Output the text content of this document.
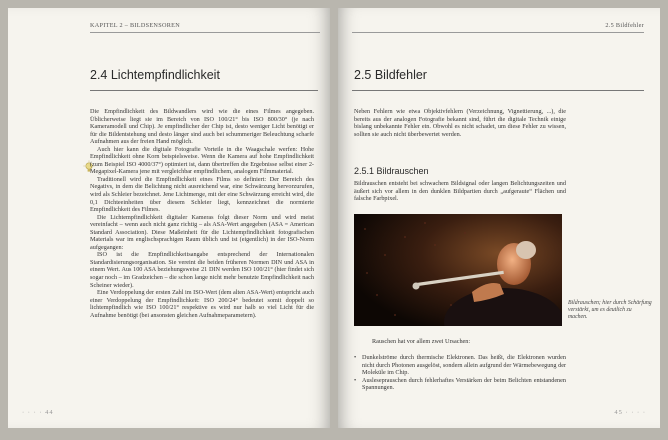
KAPITEL 2 – BILDSENSOREN
2.4 Lichtempfindlichkeit

Die Empfindlichkeit des Bildwandlers wird wie die eines Filmes angegeben. Üblicherweise liegt sie im Bereich von ISO 100/21° bis ISO 800/30° (je nach Kameramodell und Chip). Je empfindlicher der Chip ist, desto weniger Licht benötigt er für die Bildentstehung und desto länger sind auch bei schummeriger Beleuchtung scharfe Aufnahmen aus der freien Hand möglich.

Auch hier kann die digitale Fotografie Vorteile in die Waagschale werfen: Hohe Empfindlichkeit ohne Korn beispielsweise. Wenn die Kamera auf hohe Empfindlichkeit (zum Beispiel ISO 4000/37°) optimiert ist, dann übertreffen die Ergebnisse selbst einer 2-Megapixel-Kamera jene mit vergleichbar empfindlichem, analogem Filmmaterial.

Traditionell wird die Empfindlichkeit eines Films so definiert: Der Bereich des Negativs, in dem die Belichtung nicht ausreichend war, eine Schwärzung hervorzurufen, wird als Schleier bezeichnet. Jene Lichtmenge, mit der eine Schwärzung erreicht wird, die 0,1 Dichteeinheiten über diesem Schleier liegt, kennzeichnet die normierte Empfindlichkeit des Filmes.

Die Lichtempfindlichkeit digitaler Kameras folgt dieser Norm und wird meist vereinfacht – wenn auch nicht ganz richtig – als ASA-Wert angegeben (ASA = American Standard Association). Diese Maßeinheit für die Lichtempfindlichkeit fotografischen Materials war im englischsprachigen Raum üblich und ist (eigentlich) in der ISO-Norm aufgegangen:

ISO ist die Empfindlichkeitsangabe entsprechend der Internationalen Standardisierungsorganisation. Sie vereint die beiden früheren Normen DIN und ASA in einem Wert. Aus 100 ASA beziehungsweise 21 DIN werden ISO 100/21° (hier findet sich sogar noch – im Gradzeichen – die schon lange nicht mehr benutzte Empfindlichkeit nach Scheiner wieder).

Eine Verdoppelung der ersten Zahl im ISO-Wert (dem alten ASA-Wert) entspricht auch einer Verdoppelung der Empfindlichkeit: ISO 200/24° bedeutet somit doppelt so lichtempfindlich wie ISO 100/21° respektive es wird nur halb so viel Licht für die Aufnahme benötigt (bei ansonsten gleichen Aufnahmeparametern).

· · · · 44
2.5 Bildfehler
2.5 Bildfehler

Neben Fehlern wie etwa Objektivfehlern (Verzeichnung, Vignettierung, ...), die bereits aus der analogen Fotografie bekannt sind, führt die digitale Technik einige bislang unbekannte Fehler ein. Obwohl es nicht schadet, um diese Fehler zu wissen, sollten sie auch nicht überbewertet werden.

2.5.1 Bildrauschen

Bildrauschen entsteht bei schwachem Bildsignal oder langen Belichtungszeiten und äußert sich vor allem in den dunklen Bildpartien durch „aufgeraute“ Flächen und falsche Farbpixel.

Bildrauschen; hier durch Schärfung verstärkt, um es deutlich zu machen.

Rauschen hat vor allem zwei Ursachen:

• Dunkelströme durch thermische Elektronen. Das heißt, die Elektronen wurden nicht durch Photonen ausgelöst, sondern allein aufgrund der Wärmebewegung der Moleküle im Chip.
• Ausleseprauschen durch fehlerhaftes Verstärken der beim Belichten entstandenen Spannungen.
45 · · · ·
